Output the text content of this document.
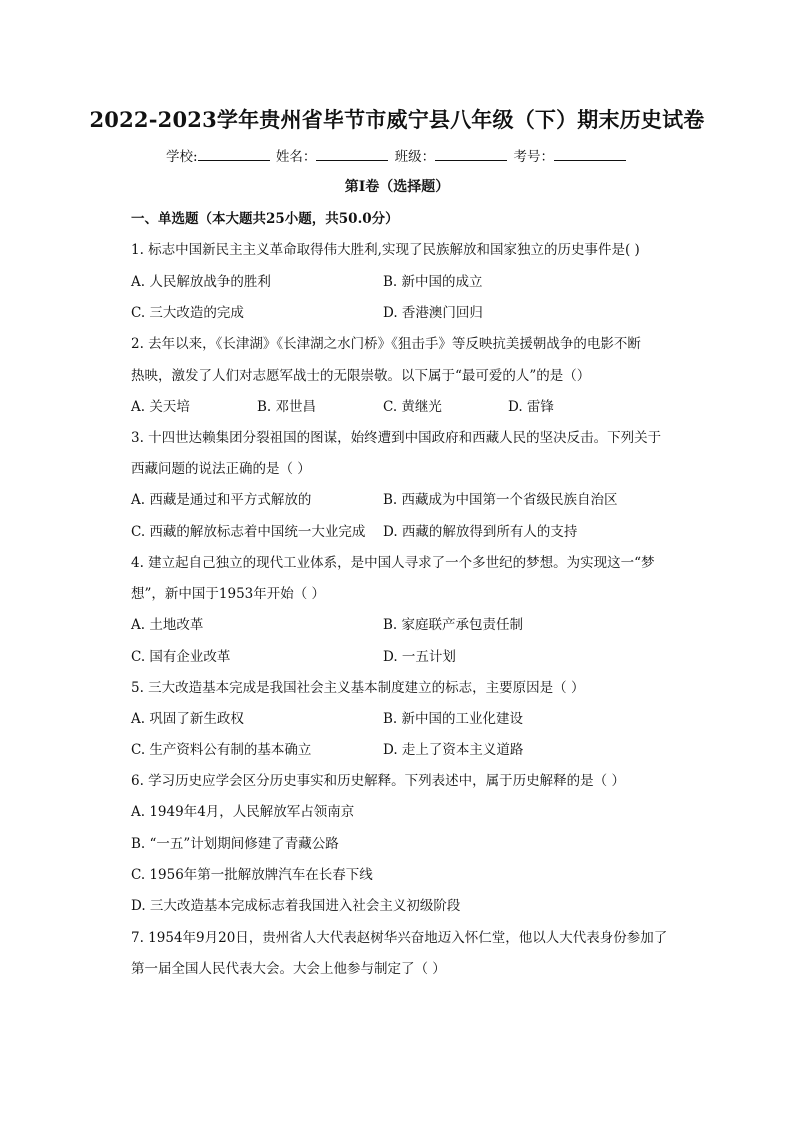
2022-2023学年贵州省毕节市威宁县八年级（下）期末历史试卷
学校:	姓名：	班级：	考号：
第I卷（选择题）
一、单选题（本大题共25小题，共50.0分）
1. 标志中国新民主主义革命取得伟大胜利,实现了民族解放和国家独立的历史事件是( )
A. 人民解放战争的胜利	B. 新中国的成立
C. 三大改造的完成	D. 香港澳门回归
2. 去年以来，《长津湖》《长津湖之水门桥》《狙击手》等反映抗美援朝战争的电影不断
热映，激发了人们对志愿军战士的无限崇敬。以下属于“最可爱的人”的是（）
A. 关天培	B. 邓世昌	C. 黄继光	D. 雷锋
3. 十四世达赖集团分裂祖国的图谋，始终遭到中国政府和西藏人民的坚决反击。下列关于
西藏问题的说法正确的是（ ）
A. 西藏是通过和平方式解放的	B. 西藏成为中国第一个省级民族自治区
C. 西藏的解放标志着中国统一大业完成 D. 西藏的解放得到所有人的支持
4. 建立起自己独立的现代工业体系，是中国人寻求了一个多世纪的梦想。为实现这一“梦
想”，新中国于1953年开始（ ）
A. 土地改革	B. 家庭联产承包责任制
C. 国有企业改革	D. 一五计划
5. 三大改造基本完成是我国社会主义基本制度建立的标志，主要原因是（ ）
A. 巩固了新生政权	B. 新中国的工业化建设
C. 生产资料公有制的基本确立	D. 走上了资本主义道路
6. 学习历史应学会区分历史事实和历史解释。下列表述中，属于历史解释的是（ ）
A. 1949年4月，人民解放军占领南京
B. “一五”计划期间修建了青藏公路
C. 1956年第一批解放牌汽车在长春下线
D. 三大改造基本完成标志着我国进入社会主义初级阶段
7. 1954年9月20日，贵州省人大代表赵树华兴奋地迈入怀仁堂，他以人大代表身份参加了
第一届全国人民代表大会。大会上他参与制定了（ ）
